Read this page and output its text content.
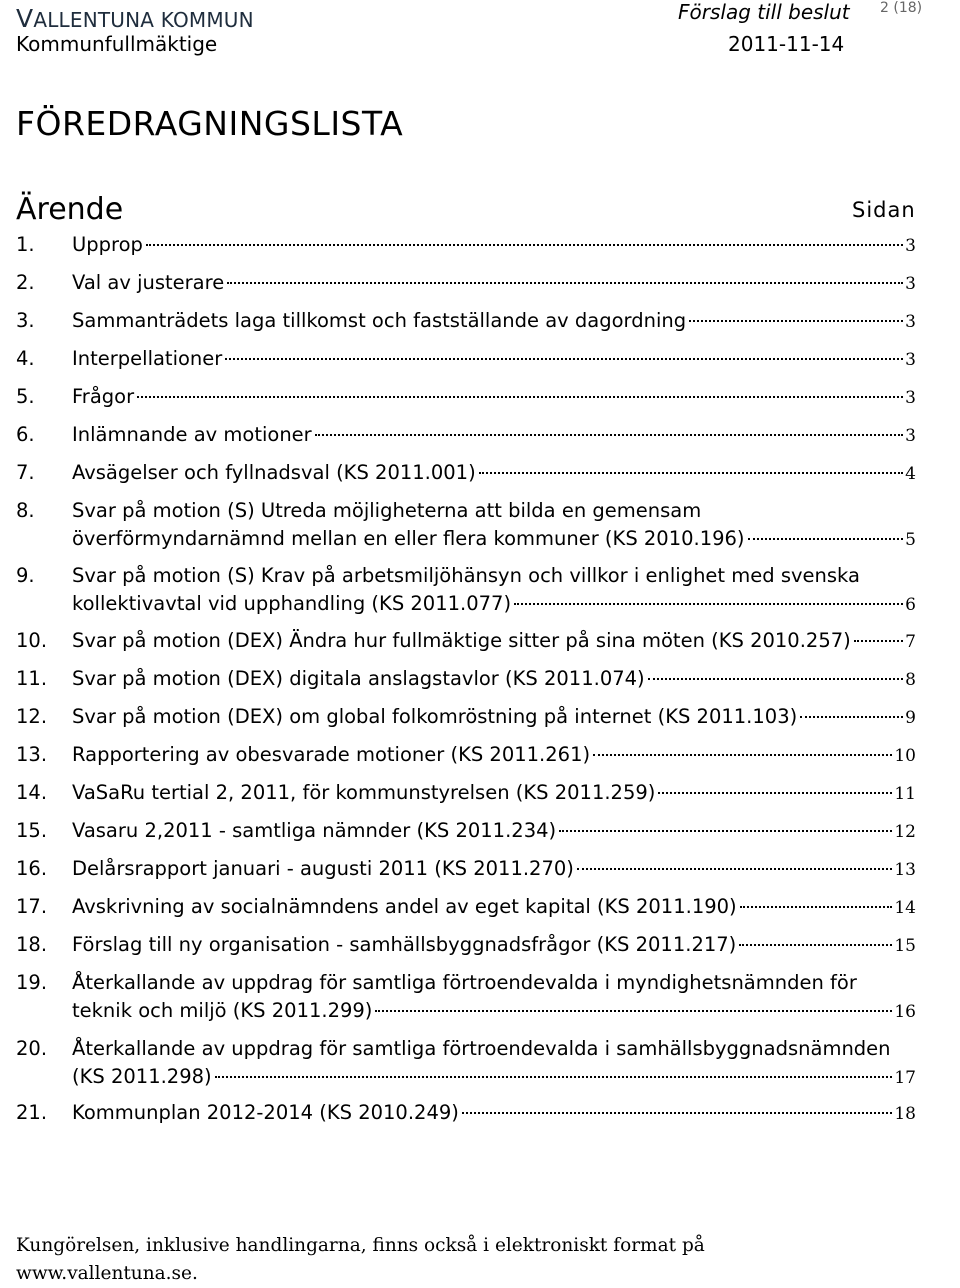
VALLENTUNA KOMMUN
Kommunfullmäktige
Förslag till beslut
2011-11-14
2 (18)
FÖREDRAGNINGSLISTA
Ärende	Sidan
1. Upprop	3
2. Val av justerare	3
3. Sammanträdets laga tillkomst och fastställande av dagordning	3
4. Interpellationer	3
5. Frågor	3
6. Inlämnande av motioner	3
7. Avsägelser och fyllnadsval (KS 2011.001)	4
8. Svar på motion (S) Utreda möjligheterna att bilda en gemensam
överförmyndarnämnd mellan en eller flera kommuner (KS 2010.196)	5
9. Svar på motion (S) Krav på arbetsmiljöhänsyn och villkor i enlighet med svenska
kollektivavtal vid upphandling (KS 2011.077)	6
10. Svar på motion (DEX) Ändra hur fullmäktige sitter på sina möten (KS 2010.257)	7
11. Svar på motion (DEX) digitala anslagstavlor (KS 2011.074)	8
12. Svar på motion (DEX) om global folkomröstning på internet (KS 2011.103)	9
13. Rapportering av obesvarade motioner (KS 2011.261)	10
14. VaSaRu tertial 2, 2011, för kommunstyrelsen (KS 2011.259)	11
15. Vasaru 2,2011 - samtliga nämnder (KS 2011.234)	12
16. Delårsrapport januari - augusti 2011 (KS 2011.270)	13
17. Avskrivning av socialnämndens andel av eget kapital (KS 2011.190)	14
18. Förslag till ny organisation - samhällsbyggnadsfrågor (KS 2011.217)	15
19. Återkallande av uppdrag för samtliga förtroendevalda i myndighetsnämnden för
teknik och miljö (KS 2011.299)	16
20. Återkallande av uppdrag för samtliga förtroendevalda i samhällsbyggnadsnämnden
(KS 2011.298)	17
21. Kommunplan 2012-2014 (KS 2010.249)	18
Kungörelsen, inklusive handlingarna, finns också i elektroniskt format på www.vallentuna.se.
